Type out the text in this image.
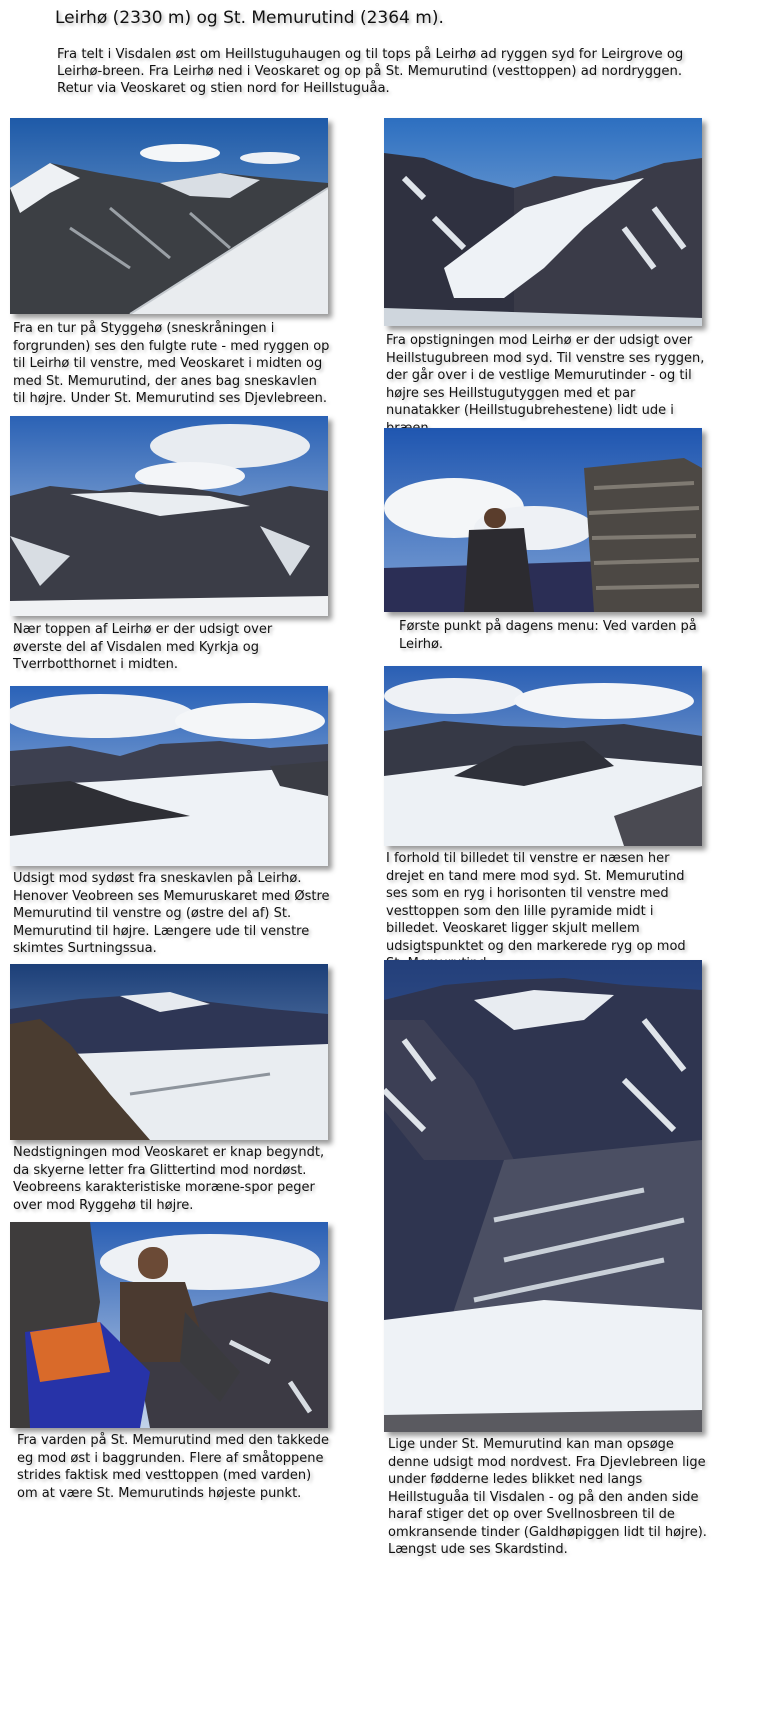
Leirhø (2330 m) og St. Memurutind (2364 m).

Fra telt i Visdalen øst om Heillstuguhaugen og til tops på Leirhø ad ryggen syd for Leirgrove og Leirhø-breen. Fra Leirhø ned i Veoskaret og op på St. Memurutind (vesttoppen) ad nordryggen. Retur via Veoskaret og stien nord for Heillstuguåa.

Fra en tur på Styggehø (sneskråningen i forgrunden) ses den fulgte rute - med ryggen op til Leirhø til venstre, med Veoskaret i midten og med St. Memurutind, der anes bag sneskavlen til højre. Under St. Memurutind ses Djevlebreen.

Fra opstigningen mod Leirhø er der udsigt over Heillstugubreen mod syd. Til venstre ses ryggen, der går over i de vestlige Memurutinder - og til højre ses Heillstugutyggen med et par nunatakker (Heillstugubrehestene) lidt ude i

Nær toppen af Leirhø er der udsigt over øverste del af Visdalen med Kyrkja og Tverrbotthornet i midten.

Første punkt på dagens menu: Ved varden på Leirhø.

Udsigt mod sydøst fra sneskavlen på Leirhø. Henover Veobreen ses Memuruskaret med Østre Memurutind til venstre og (østre del af) St. Memurutind til højre. Længere ude til venstre skimtes Surtningssua.

I forhold til billedet til venstre er næsen her drejet en tand mere mod syd. St. Memurutind ses som en ryg i horisonten til venstre med vesttoppen som den lille pyramide midt i billedet. Veoskaret ligger skjult mellem udsigtspunktet og den markerede ryg op mod

Nedstigningen mod Veoskaret er knap begyndt, da skyerne letter fra Glittertind mod nordøst. Veobreens karakteristiske moræne-spor peger over mod Ryggehø til højre.

Fra varden på St. Memurutind med den takkede eg mod øst i baggrunden. Flere af småtoppene strides faktisk med vesttoppen (med varden) om at være St. Memurutinds højeste punkt.

Lige under St. Memurutind kan man opsøge denne udsigt mod nordvest. Fra Djevlebreen lige under fødderne ledes blikket ned langs Heillstuguåa til Visdalen - og på den anden side haraf stiger det op over Svellnosbreen til de omkransende tinder (Galdhøpiggen lidt til højre). Længst ude ses Skardstind.
